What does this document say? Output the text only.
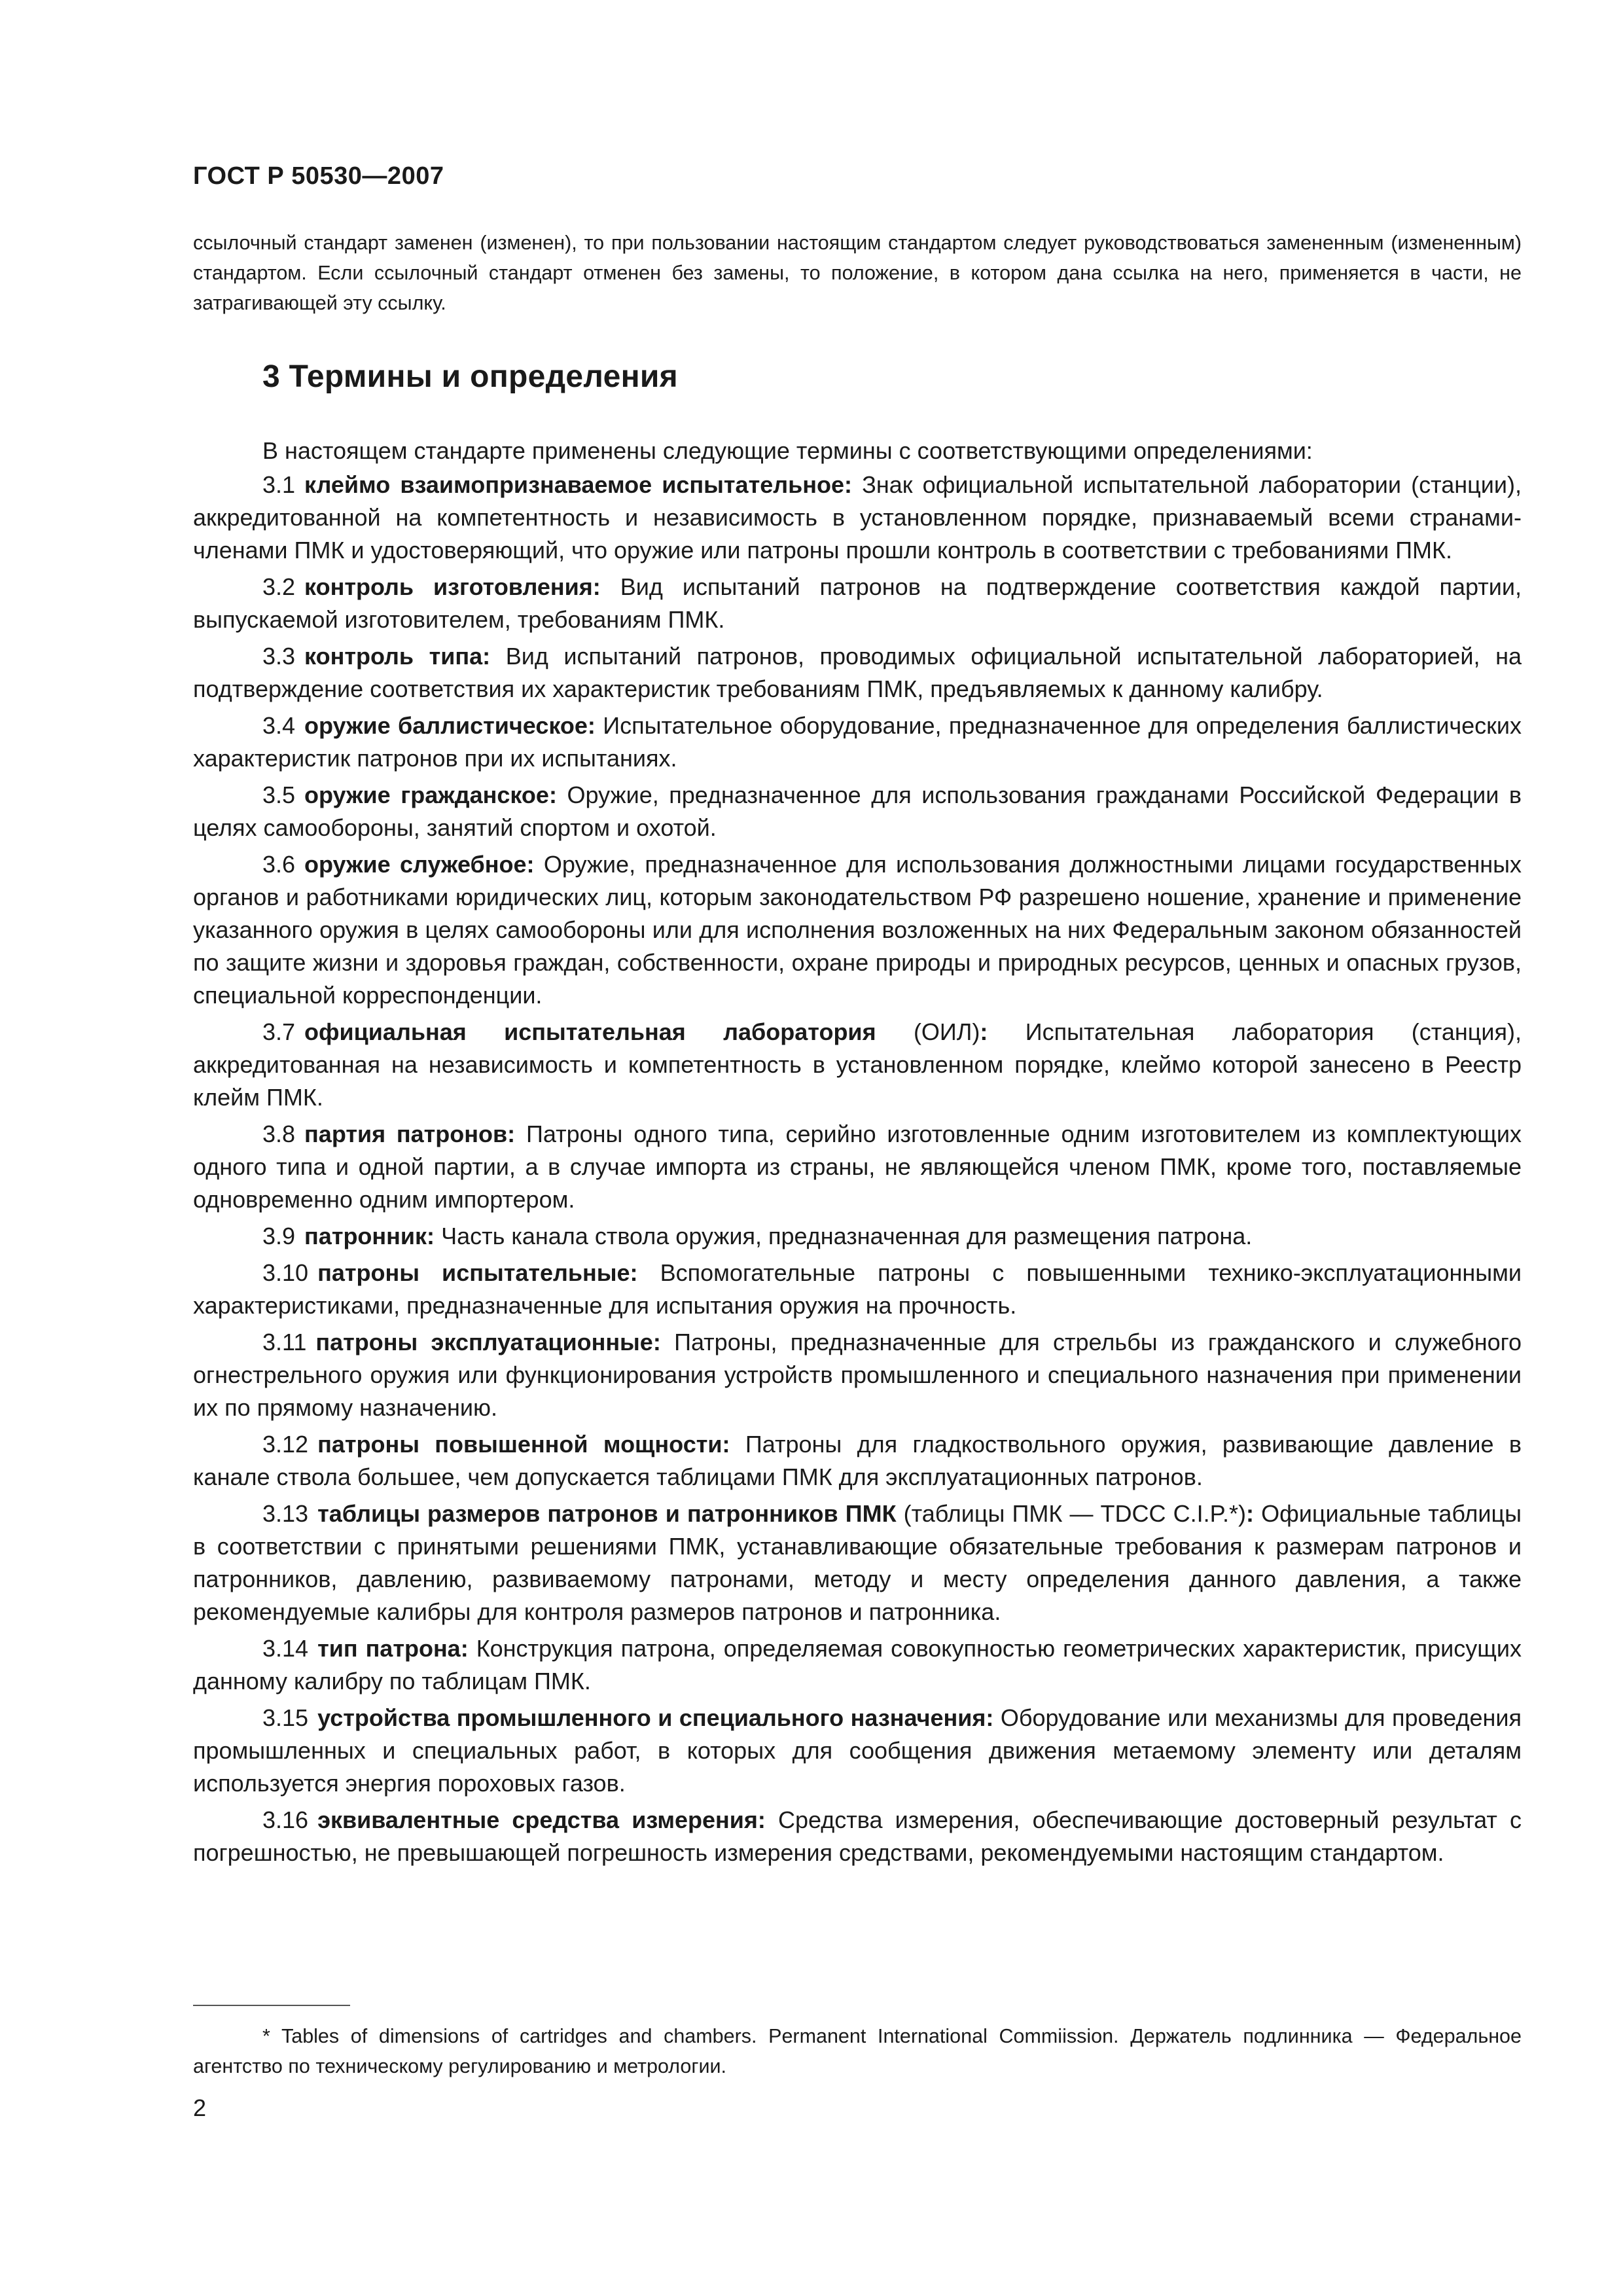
ГОСТ Р 50530—2007
ссылочный стандарт заменен (изменен), то при пользовании настоящим стандартом следует руководствоваться замененным (измененным) стандартом. Если ссылочный стандарт отменен без замены, то положение, в котором дана ссылка на него, применяется в части, не затрагивающей эту ссылку.
3 Термины и определения

В настоящем стандарте применены следующие термины с соответствующими определениями:

3.1 клеймо взаимопризнаваемое испытательное: Знак официальной испытательной лаборатории (станции), аккредитованной на компетентность и независимость в установленном порядке, признаваемый всеми странами-членами ПМК и удостоверяющий, что оружие или патроны прошли контроль в соответствии с требованиями ПМК.

3.2 контроль изготовления: Вид испытаний патронов на подтверждение соответствия каждой партии, выпускаемой изготовителем, требованиям ПМК.

3.3 контроль типа: Вид испытаний патронов, проводимых официальной испытательной лабораторией, на подтверждение соответствия их характеристик требованиям ПМК, предъявляемых к данному калибру.

3.4 оружие баллистическое: Испытательное оборудование, предназначенное для определения баллистических характеристик патронов при их испытаниях.

3.5 оружие гражданское: Оружие, предназначенное для использования гражданами Российской Федерации в целях самообороны, занятий спортом и охотой.

3.6 оружие служебное: Оружие, предназначенное для использования должностными лицами государственных органов и работниками юридических лиц, которым законодательством РФ разрешено ношение, хранение и применение указанного оружия в целях самообороны или для исполнения возложенных на них Федеральным законом обязанностей по защите жизни и здоровья граждан, собственности, охране природы и природных ресурсов, ценных и опасных грузов, специальной корреспонденции.

3.7 официальная испытательная лаборатория (ОИЛ): Испытательная лаборатория (станция), аккредитованная на независимость и компетентность в установленном порядке, клеймо которой занесено в Реестр клейм ПМК.

3.8 партия патронов: Патроны одного типа, серийно изготовленные одним изготовителем из комплектующих одного типа и одной партии, а в случае импорта из страны, не являющейся членом ПМК, кроме того, поставляемые одновременно одним импортером.

3.9 патронник: Часть канала ствола оружия, предназначенная для размещения патрона.

3.10 патроны испытательные: Вспомогательные патроны с повышенными технико-эксплуатационными характеристиками, предназначенные для испытания оружия на прочность.

3.11 патроны эксплуатационные: Патроны, предназначенные для стрельбы из гражданского и служебного огнестрельного оружия или функционирования устройств промышленного и специального назначения при применении их по прямому назначению.

3.12 патроны повышенной мощности: Патроны для гладкоствольного оружия, развивающие давление в канале ствола большее, чем допускается таблицами ПМК для эксплуатационных патронов.

3.13 таблицы размеров патронов и патронников ПМК (таблицы ПМК — TDCC C.I.P.*): Официальные таблицы в соответствии с принятыми решениями ПМК, устанавливающие обязательные требования к размерам патронов и патронников, давлению, развиваемому патронами, методу и месту определения данного давления, а также рекомендуемые калибры для контроля размеров патронов и патронника.

3.14 тип патрона: Конструкция патрона, определяемая совокупностью геометрических характеристик, присущих данному калибру по таблицам ПМК.

3.15 устройства промышленного и специального назначения: Оборудование или механизмы для проведения промышленных и специальных работ, в которых для сообщения движения метаемому элементу или деталям используется энергия пороховых газов.

3.16 эквивалентные средства измерения: Средства измерения, обеспечивающие достоверный результат с погрешностью, не превышающей погрешность измерения средствами, рекомендуемыми настоящим стандартом.

* Tables of dimensions of cartridges and chambers. Permanent International Commiission. Держатель подлинника — Федеральное агентство по техническому регулированию и метрологии.
2
